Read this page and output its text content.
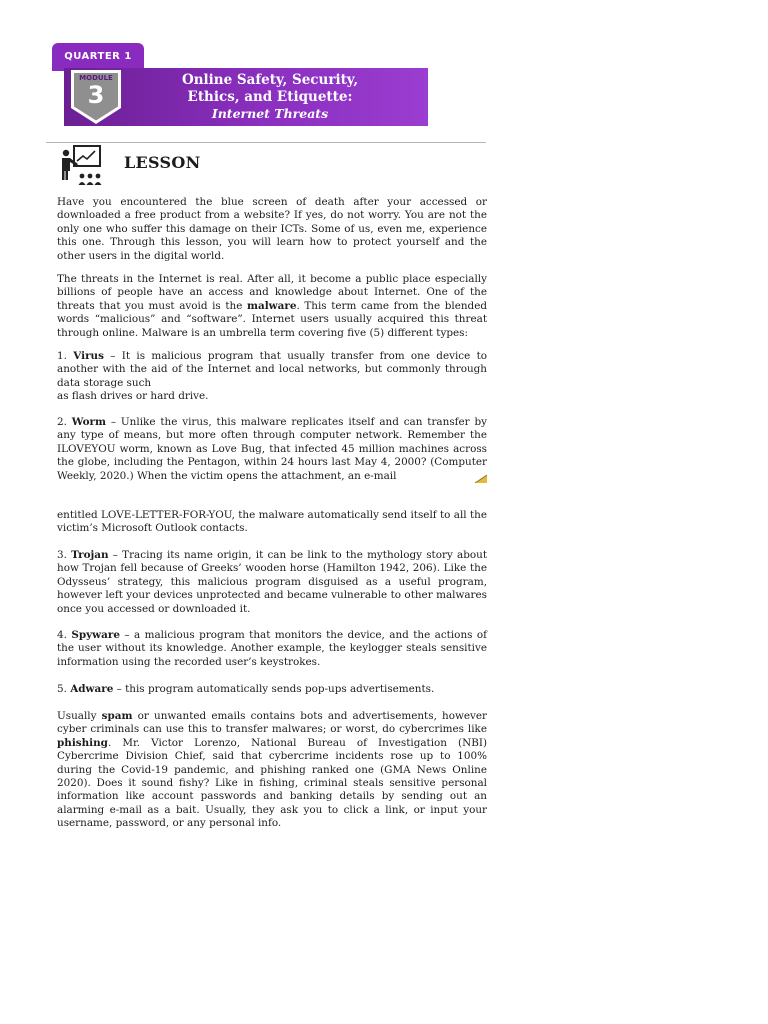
QUARTER 1
MODULE
3
Online Safety, Security,
Ethics, and Etiquette:
Internet Threats
LESSON

Have you encountered the blue screen of death after your accessed or downloaded a free product from a website? If yes, do not worry. You are not the only one who suffer this damage on their ICTs. Some of us, even me, experience this one. Through this lesson, you will learn how to protect yourself and the other users in the digital world.

The threats in the Internet is real. After all, it become a public place especially billions of people have an access and knowledge about Internet. One of the threats that you must avoid is the malware. This term came from the blended words “malicious” and “software”. Internet users usually acquired this threat through online. Malware is an umbrella term covering five (5) different types:

1. Virus – It is malicious program that usually transfer from one device to another with the aid of the Internet and local networks, but commonly through data storage such

as flash drives or hard drive.

2. Worm – Unlike the virus, this malware replicates itself and can transfer by any type of means, but more often through computer network. Remember the ILOVEYOU worm, known as Love Bug, that infected 45 million machines across the globe, including the Pentagon, within 24 hours last May 4, 2000? (Computer Weekly, 2020.) When the victim opens the attachment, an e-mail

entitled LOVE-LETTER-FOR-YOU, the malware automatically send itself to all the victim’s Microsoft Outlook contacts.

3. Trojan – Tracing its name origin, it can be link to the mythology story about how Trojan fell because of Greeks’ wooden horse (Hamilton 1942, 206). Like the Odysseus’ strategy, this malicious program disguised as a useful program, however left your devices unprotected and became vulnerable to other malwares once you accessed or downloaded it.

4. Spyware – a malicious program that monitors the device, and the actions of the user without its knowledge. Another example, the keylogger steals sensitive information using the recorded user’s keystrokes.

5. Adware – this program automatically sends pop-ups advertisements.

Usually spam or unwanted emails contains bots and advertisements, however cyber criminals can use this to transfer malwares; or worst, do cybercrimes like phishing. Mr. Victor Lorenzo, National Bureau of Investigation (NBI) Cybercrime Division Chief, said that cybercrime incidents rose up to 100% during the Covid-19 pandemic, and phishing ranked one (GMA News Online 2020). Does it sound fishy? Like in fishing, criminal steals sensitive personal information like account passwords and banking details by sending out an alarming e-mail as a bait. Usually, they ask you to click a link, or input your username, password, or any personal info.
